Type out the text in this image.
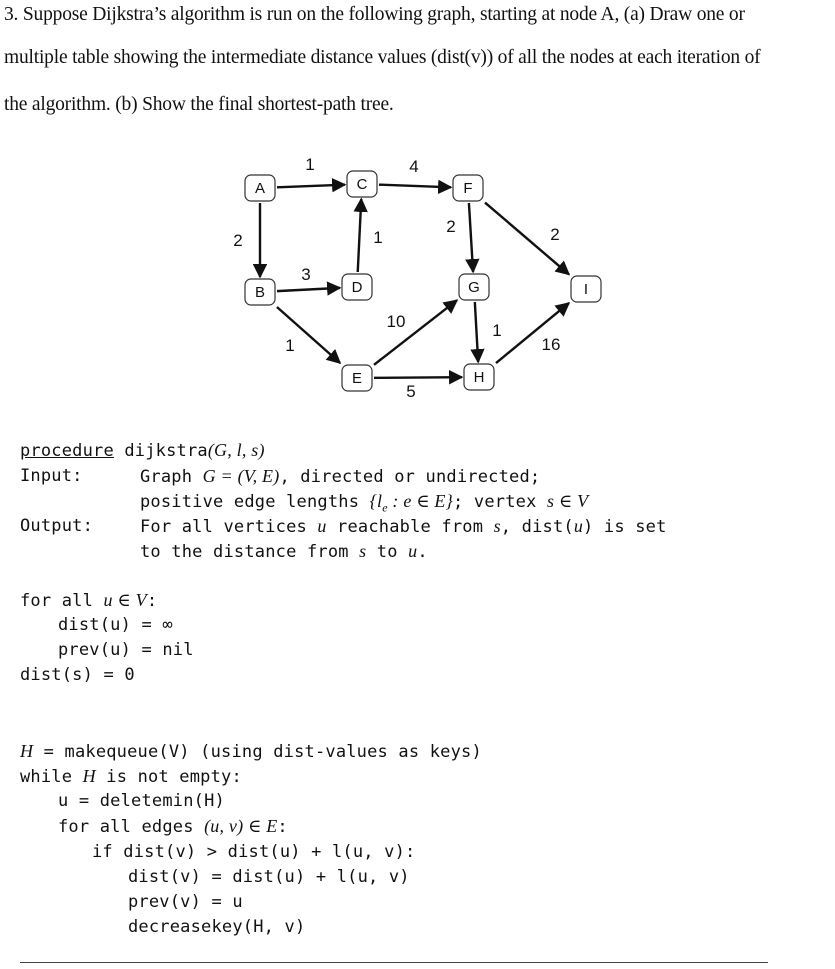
3. Suppose Dijkstra’s algorithm is run on the following graph, starting at node A, (a) Draw one or
multiple table showing the intermediate distance values (dist(v)) of all the nodes at each iteration of
the algorithm. (b) Show the final shortest-path tree.
1	4
2	1
2	2
3
10	1
1	16
5
A	C	F
B	D	G	I
E	H
procedure dijkstra(G, l, s)
Input:	Graph G = (V, E), directed or undirected;
positive edge lengths {$l_e$ : e ∈ E}; vertex s ∈ V
Output:	For all vertices u reachable from s, dist(u) is set
to the distance from s to u.
for all u ∈ V:
dist(u) = ∞
prev(u) = nil
dist(s) = 0
H = makequeue(V) (using dist-values as keys)
while H is not empty:
u = deletemin(H)
for all edges (u, v) ∈ E:
if dist(v) > dist(u) + l(u, v):
dist(v) = dist(u) + l(u, v)
prev(v) = u
decreasekey(H, v)
